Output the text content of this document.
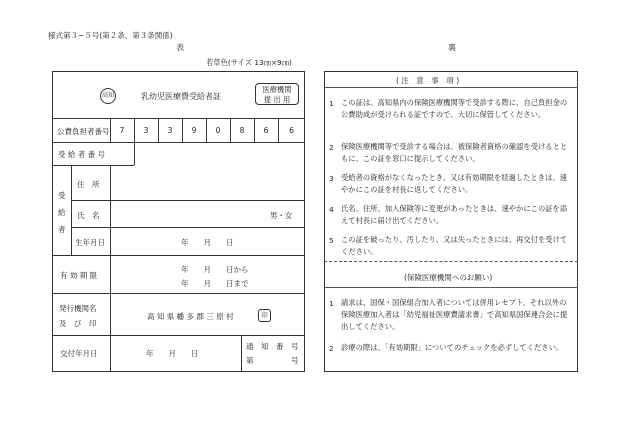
様式第３−５号(第２条、第３条関係)
表	裏
若草色(サイズ 13㎝×9㎝)
高知	乳幼児医療費受給者証
医療機関
提 出 用
公費負担者番号	7	3	3	9	0	8	6	6
受 給 者 番 号
受
給
者
住　所
氏　名	男・女
生年月日	年　　月　　日
有 効 期 限
年　　月　　日から
年　　月　　日まで
発行機関名
及　び　印
高 知 県 幡 多 郡 三 原 村	印
交付年月日	年　　月　　日
通　知　番　号
第　　　　　号
( 注　意　事　項 )
1 この証は、高知県内の保険医療機関等で受診する際に、自己負担金の公費助成が受けられる証ですので、大切に保管してください。
2 保険医療機関等で受診する場合は、被保険者資格の確認を受けるとともに、この証を窓口に提示してください。
3 受給者の資格がなくなったとき、又は有効期限を経過したときは、速やかにこの証を村長に返してください。
4 氏名、住所、加入保険等に変更があったときは、速やかにこの証を添えて村長に届け出てください。
5 この証を破ったり、汚したり、又は失ったときには、再交付を受けてください。
(保険医療機関へのお願い)
1 請求は、国保・国保組合加入者については併用レセプト、それ以外の保険医療加入者は「幼児福祉医療費請求書」で高知県国保連合会に提出してください。
2 診療の際は、「有効期限」についてのチェックを必ずしてください。
